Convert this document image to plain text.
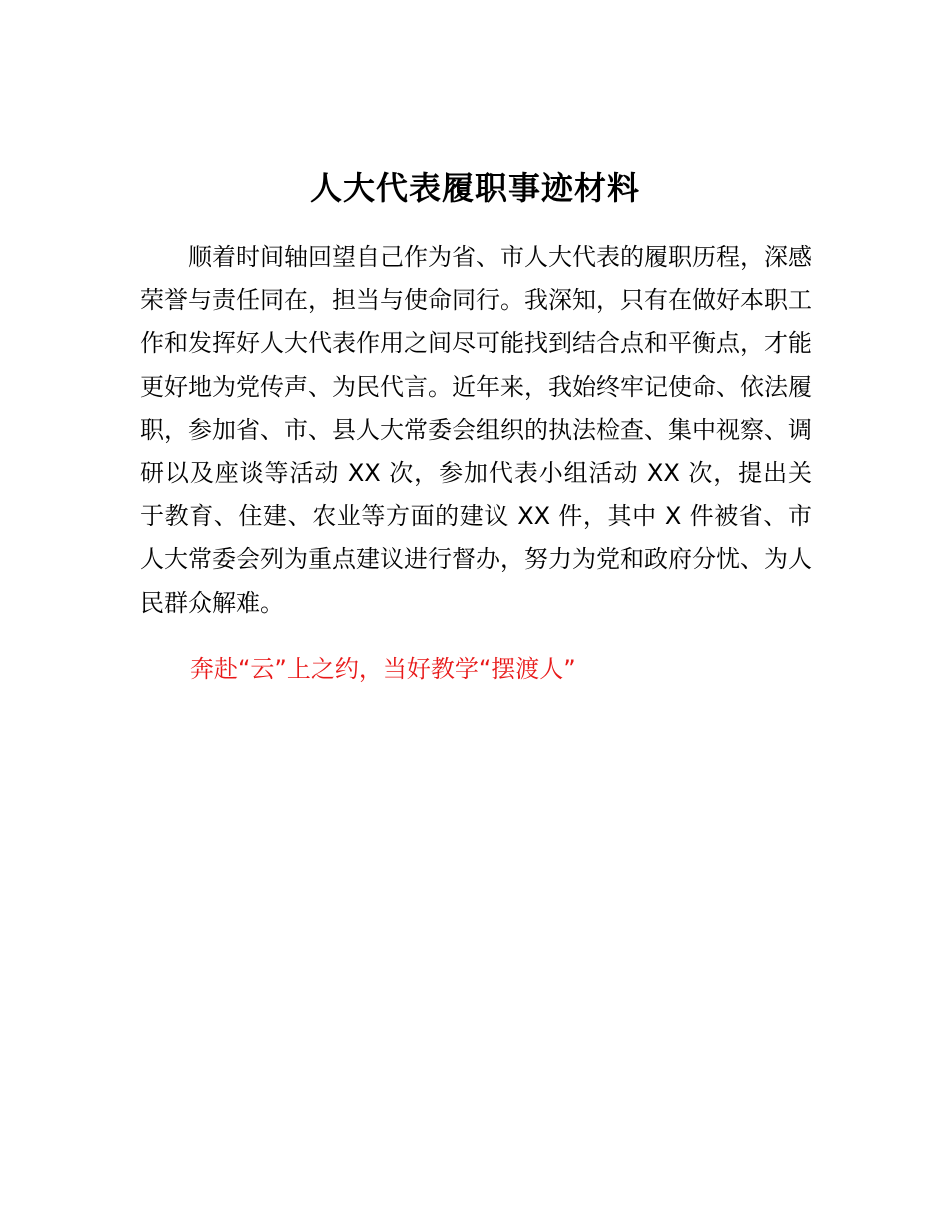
人大代表履职事迹材料

顺着时间轴回望自己作为省、市人大代表的履职历程，深感荣誉与责任同在，担当与使命同行。我深知，只有在做好本职工作和发挥好人大代表作用之间尽可能找到结合点和平衡点，才能更好地为党传声、为民代言。近年来，我始终牢记使命、依法履职，参加省、市、县人大常委会组织的执法检查、集中视察、调研以及座谈等活动 XX 次，参加代表小组活动 XX 次，提出关于教育、住建、农业等方面的建议 XX 件，其中 X 件被省、市人大常委会列为重点建议进行督办，努力为党和政府分忧、为人民群众解难。

奔赴“云”上之约，当好教学“摆渡人”
